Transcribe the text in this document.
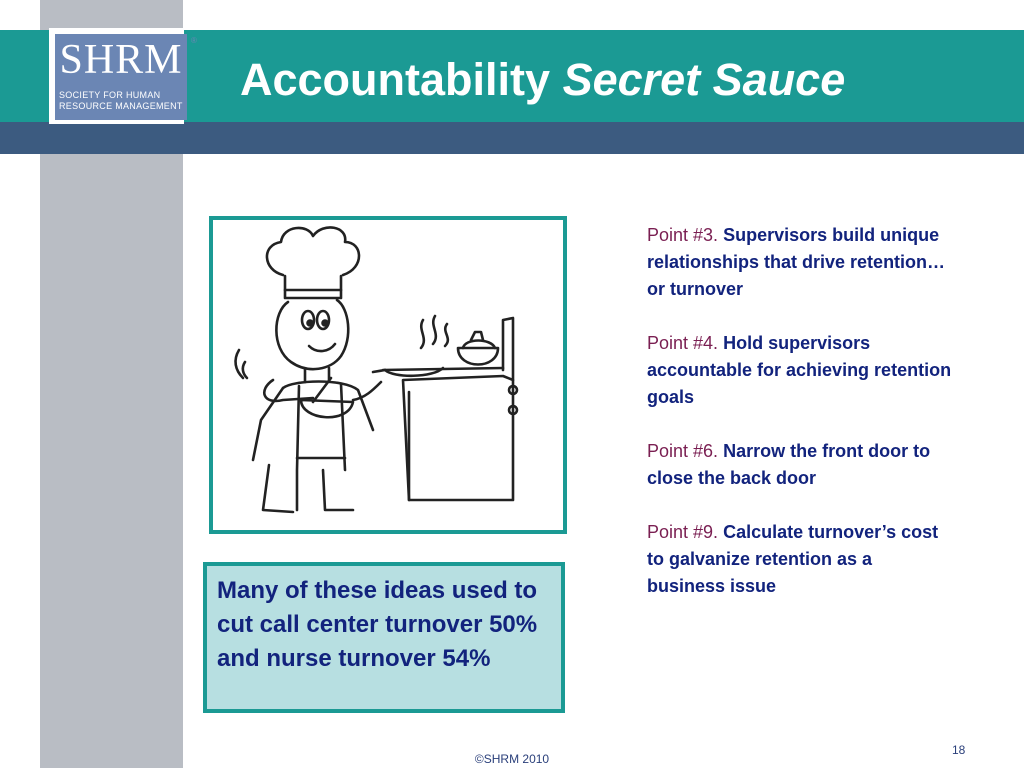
SHRM
SOCIETY FOR HUMAN RESOURCE MANAGEMENT
®
Accountability Secret Sauce
Many of these ideas used to cut call center turnover 50% and nurse turnover 54%
Point #3. Supervisors build unique relationships that drive retention…or turnover
Point #4. Hold supervisors accountable for achieving retention goals
Point #6. Narrow the front door to close the back door
Point #9. Calculate turnover’s cost to galvanize retention as a business issue
©SHRM 2010
18
